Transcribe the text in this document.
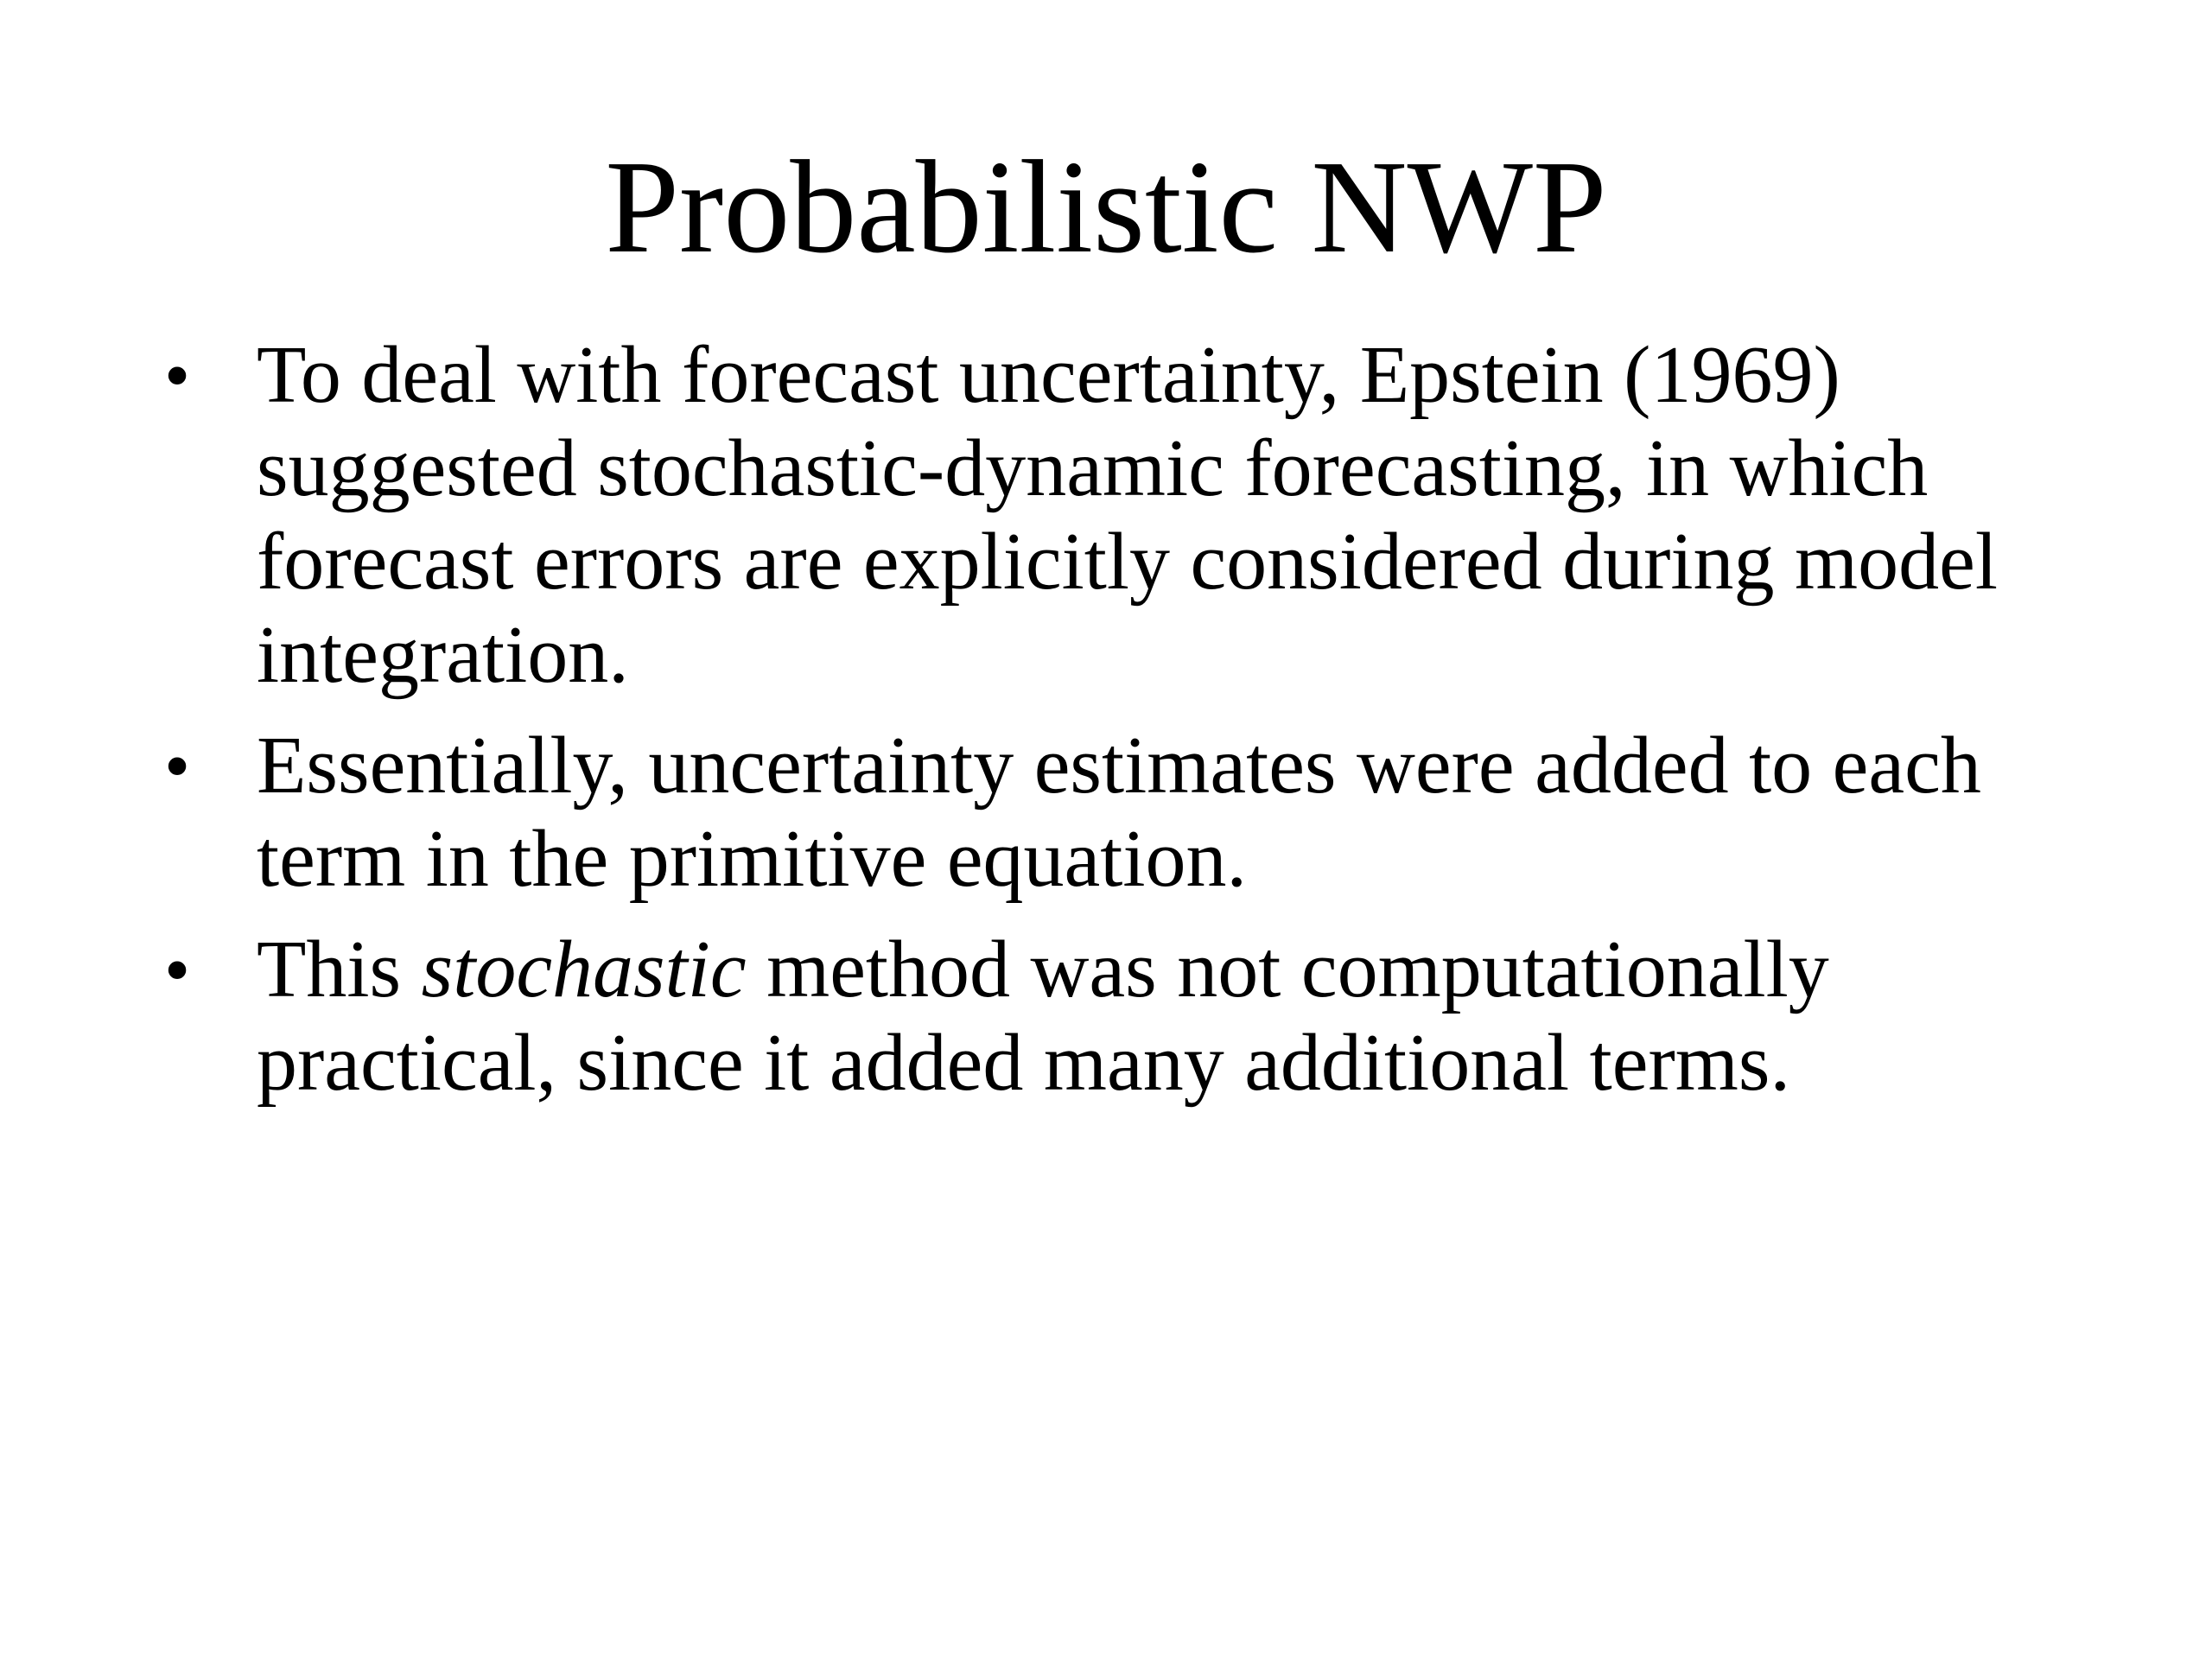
Probabilistic NWP
• To deal with forecast uncertainty, Epstein (1969) suggested stochastic-dynamic forecasting, in which forecast errors are explicitly considered during model integration.
• Essentially, uncertainty estimates were added to each term in the primitive equation.
• This stochastic method was not computationally practical, since it added many additional terms.
